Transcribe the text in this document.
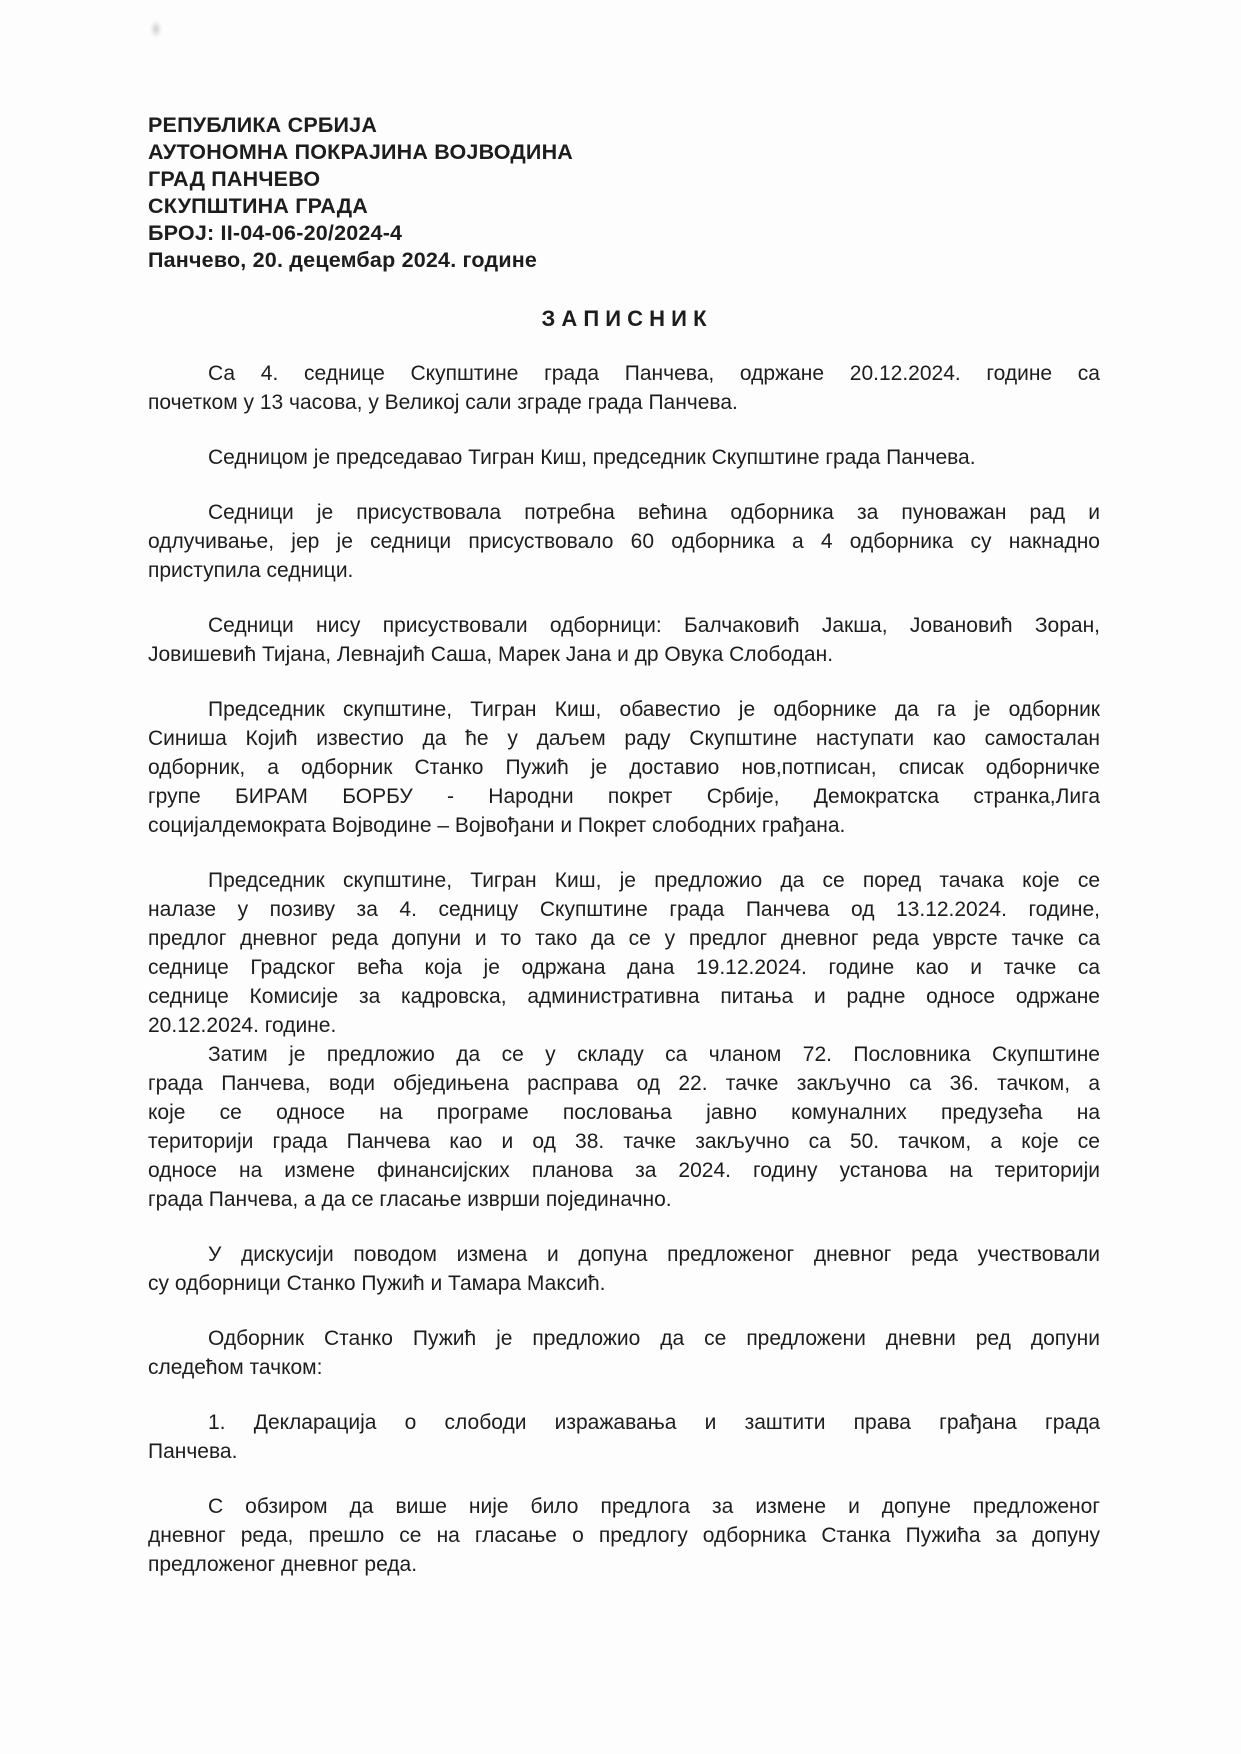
РЕПУБЛИКА СРБИЈА
АУТОНОМНА ПОКРАЈИНА ВОЈВОДИНА
ГРАД ПАНЧЕВО
СКУПШТИНА ГРАДА
БРОЈ: II-04-06-20/2024-4
Панчево, 20. децембар 2024. године
З А П И С Н И К
Са 4. седнице Скупштине града Панчева, одржане 20.12.2024. године са
почетком у 13 часова, у Великој сали зграде града Панчева.
Седницом је председавао Тигран Киш, председник Скупштине града Панчева.
Седници је присуствовала потребна већина одборника за пуноважан рад и
одлучивање, јер је седници присуствовало 60 одборника а 4 одборника су накнадно
приступила седници.
Седници нису присуствовали одборници: Балчаковић Јакша, Јовановић Зоран,
Јовишевић Тијана, Левнајић Саша, Марек Јана и др Овука Слободан.
Председник скупштине, Тигран Киш, обавестио је одборнике да га је одборник
Синиша Којић известио да ће у даљем раду Скупштине наступати као самосталан
одборник, а одборник Станко Пужић је доставио нов,потписан, списак одборничке
групе БИРАМ БОРБУ - Народни покрет Србије, Демократска странка,Лига
социјалдемократа Војводине – Војвођани и Покрет слободних грађана.
Председник скупштине, Тигран Киш, је предложио да се поред тачака које се
налазе у позиву за 4. седницу Скупштине града Панчева од 13.12.2024. године,
предлог дневног реда допуни и то тако да се у предлог дневног реда уврсте тачке са
седнице Градског већа која је одржана дана 19.12.2024. године као и тачке са
седнице Комисије за кадровска, административна питања и радне односе одржане
20.12.2024. године.
Затим је предложио да се у складу са чланом 72. Пословника Скупштине
града Панчева, води обједињена расправа од 22. тачке закључно са 36. тачком, а
које се односе на програме пословања јавно комуналних предузећа на
територији града Панчева као и од 38. тачке закључно са 50. тачком, а које се
односе на измене финансијских планова за 2024. годину установа на територији
града Панчева, а да се гласање изврши појединачно.
У дискусији поводом измена и допуна предложеног дневног реда учествовали
су одборници Станко Пужић и Тамара Максић.
Одборник Станко Пужић је предложио да се предложени дневни ред допуни
следећом тачком:
1. Декларација о слободи изражавања и заштити права грађана града
Панчева.
С обзиром да више није било предлога за измене и допуне предложеног
дневног реда, прешло се на гласање о предлогу одборника Станка Пужића за допуну
предложеног дневног реда.
